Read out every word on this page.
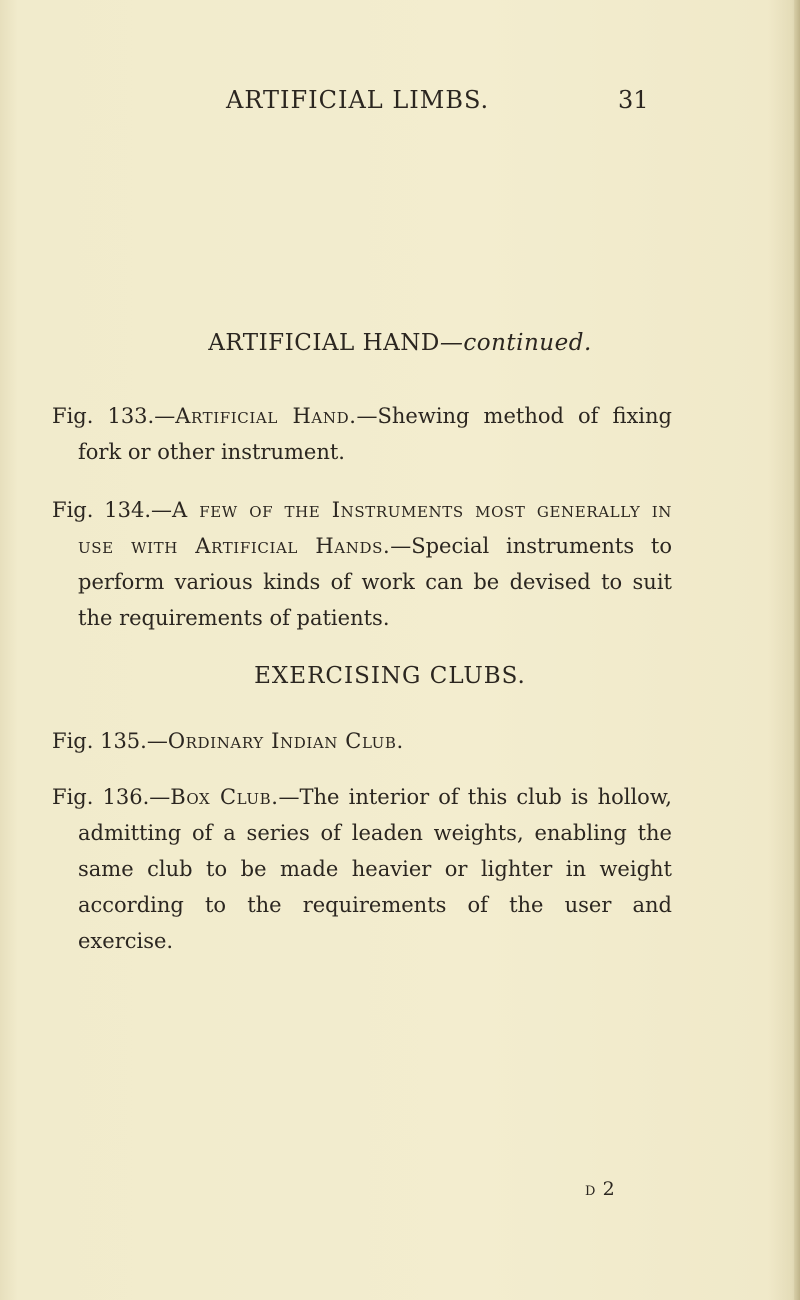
ARTIFICIAL LIMBS.	31
ARTIFICIAL HAND—continued.
Fig. 133.—Artificial Hand.—Shewing method of fixing fork or other instrument.
Fig. 134.—A few of the Instruments most generally in use with Artificial Hands.—Special instruments to perform various kinds of work can be devised to suit the requirements of patients.
EXERCISING CLUBS.
Fig. 135.—Ordinary Indian Club.
Fig. 136.—Box Club.—The interior of this club is hollow, admitting of a series of leaden weights, enabling the same club to be made heavier or lighter in weight according to the requirements of the user and exercise.
d 2
